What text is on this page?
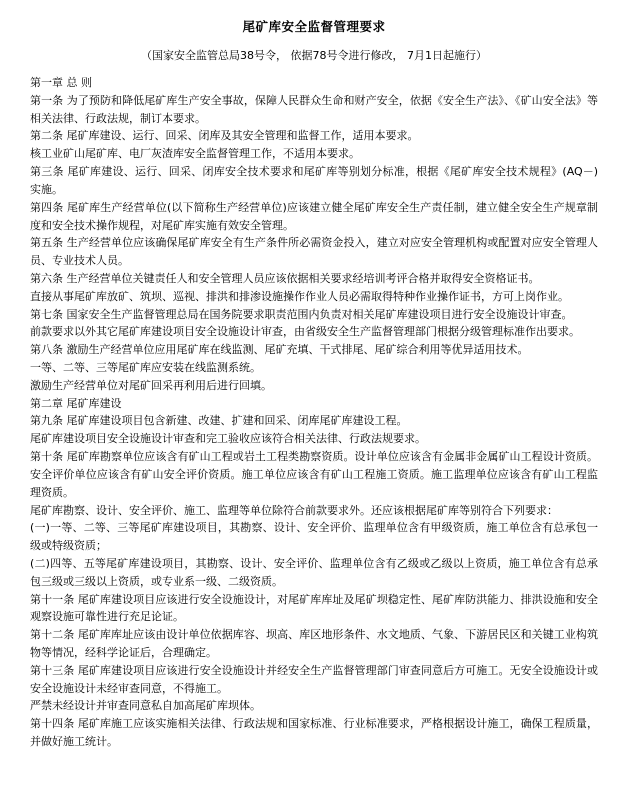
尾矿库安全监督管理要求
（国家安全监管总局38号令， 依据78号令进行修改， 7月1日起施行）
第一章 总 则

第一条 为了预防和降低尾矿库生产安全事故，保障人民群众生命和财产安全，依据《安全生产法》、《矿山安全法》等相关法律、行政法规，制订本要求。

第二条 尾矿库建设、运行、回采、闭库及其安全管理和监督工作，适用本要求。

核工业矿山尾矿库、电厂灰渣库安全监督管理工作，不适用本要求。

第三条 尾矿库建设、运行、回采、闭库安全技术要求和尾矿库等别划分标准，根据《尾矿库安全技术规程》(AQ－) 实施。

第四条 尾矿库生产经营单位(以下简称生产经营单位)应该建立健全尾矿库安全生产责任制，建立健全安全生产规章制度和安全技术操作规程，对尾矿库实施有效安全管理。

第五条 生产经营单位应该确保尾矿库安全有生产条件所必需资金投入，建立对应安全管理机构或配置对应安全管理人员、专业技术人员。

第六条 生产经营单位关键责任人和安全管理人员应该依据相关要求经培训考评合格并取得安全资格证书。

直接从事尾矿库放矿、筑坝、巡视、排洪和排渗设施操作作业人员必需取得特种作业操作证书，方可上岗作业。

第七条 国家安全生产监督管理总局在国务院要求职责范围内负责对相关尾矿库建设项目进行安全设施设计审查。

前款要求以外其它尾矿库建设项目安全设施设计审查，由省级安全生产监督管理部门根据分级管理标准作出要求。

第八条 激励生产经营单位应用尾矿库在线监测、尾矿充填、干式排尾、尾矿综合利用等优异适用技术。

一等、二等、三等尾矿库应安装在线监测系统。

激励生产经营单位对尾矿回采再利用后进行回填。

第二章 尾矿库建设

第九条 尾矿库建设项目包含新建、改建、扩建和回采、闭库尾矿库建设工程。

尾矿库建设项目安全设施设计审查和完工验收应该符合相关法律、行政法规要求。

第十条 尾矿库勘察单位应该含有矿山工程或岩土工程类勘察资质。设计单位应该含有金属非金属矿山工程设计资质。安全评价单位应该含有矿山安全评价资质。施工单位应该含有矿山工程施工资质。施工监理单位应该含有矿山工程监理资质。

尾矿库勘察、设计、安全评价、施工、监理等单位除符合前款要求外。还应该根据尾矿库等别符合下列要求：

(一)一等、二等、三等尾矿库建设项目，其勘察、设计、安全评价、监理单位含有甲级资质，施工单位含有总承包一级或特级资质；

(二)四等、五等尾矿库建设项目，其勘察、设计、安全评价、监理单位含有乙级或乙级以上资质，施工单位含有总承包三级或三级以上资质，或专业系一级、二级资质。

第十一条 尾矿库建设项目应该进行安全设施设计，对尾矿库库址及尾矿坝稳定性、尾矿库防洪能力、排洪设施和安全观察设施可靠性进行充足论证。

第十二条 尾矿库库址应该由设计单位依据库容、坝高、库区地形条件、水文地质、气象、下游居民区和关键工业构筑物等情况，经科学论证后，合理确定。

第十三条 尾矿库建设项目应该进行安全设施设计并经安全生产监督管理部门审查同意后方可施工。无安全设施设计或安全设施设计未经审查同意，不得施工。

严禁未经设计并审查同意私自加高尾矿库坝体。

第十四条 尾矿库施工应该实施相关法律、行政法规和国家标准、行业标准要求，严格根据设计施工，确保工程质量，并做好施工统计。
